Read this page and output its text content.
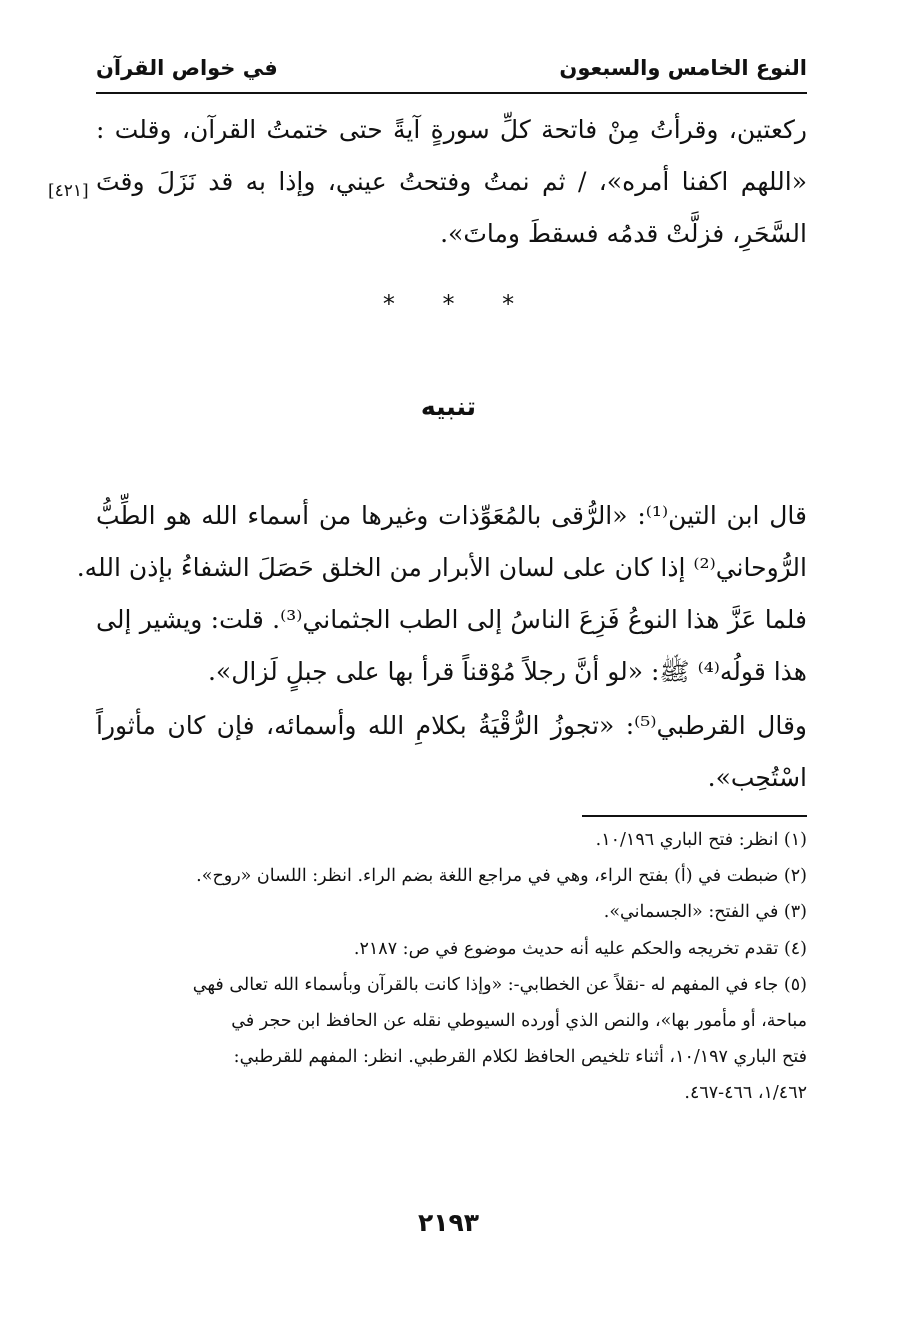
النوع الخامس والسبعون
في خواص القرآن
ركعتين، وقرأتُ مِنْ فاتحة كلِّ سورةٍ آيةً حتى ختمتُ القرآن، وقلت :
«اللهم اكفنا أمره»، / ثم نمتُ وفتحتُ عيني، وإذا به قد نَزَلَ وقتَ
السَّحَرِ، فزلَّتْ قدمُه فسقطَ وماتَ».
[٤٢١]
* * *
تنبيه
قال ابن التين⁽¹⁾: «الرُّقى بالمُعَوِّذات وغيرها من أسماء الله هو الطِّبُّ
الرُّوحاني⁽²⁾ إذا كان على لسان الأبرار من الخلق حَصَلَ الشفاءُ بإذن الله.
فلما عَزَّ هذا النوعُ فَزِعَ الناسُ إلى الطب الجثماني⁽³⁾. قلت: ويشير إلى
هذا قولُه⁽⁴⁾ ﷺ: «لو أنَّ رجلاً مُوْقناً قرأ بها على جبلٍ لَزال».
وقال القرطبي⁽⁵⁾: «تجوزُ الرُّقْيَةُ بكلامِ الله وأسمائه، فإن كان مأثوراً
اسْتُحِب».
(١) انظر: فتح الباري ١٠/١٩٦.
(٢) ضبطت في (أ) بفتح الراء، وهي في مراجع اللغة بضم الراء. انظر: اللسان «روح».
(٣) في الفتح: «الجسماني».
(٤) تقدم تخريجه والحكم عليه أنه حديث موضوع في ص: ٢١٨٧.
(٥) جاء في المفهم له -نقلاً عن الخطابي-: «وإذا كانت بالقرآن وبأسماء الله تعالى فهي
مباحة، أو مأمور بها»، والنص الذي أورده السيوطي نقله عن الحافظ ابن حجر في
فتح الباري ١٠/١٩٧، أثناء تلخيص الحافظ لكلام القرطبي. انظر: المفهم للقرطبي:
١/٤٦٢، ٤٦٦-٤٦٧.
٢١٩٣
